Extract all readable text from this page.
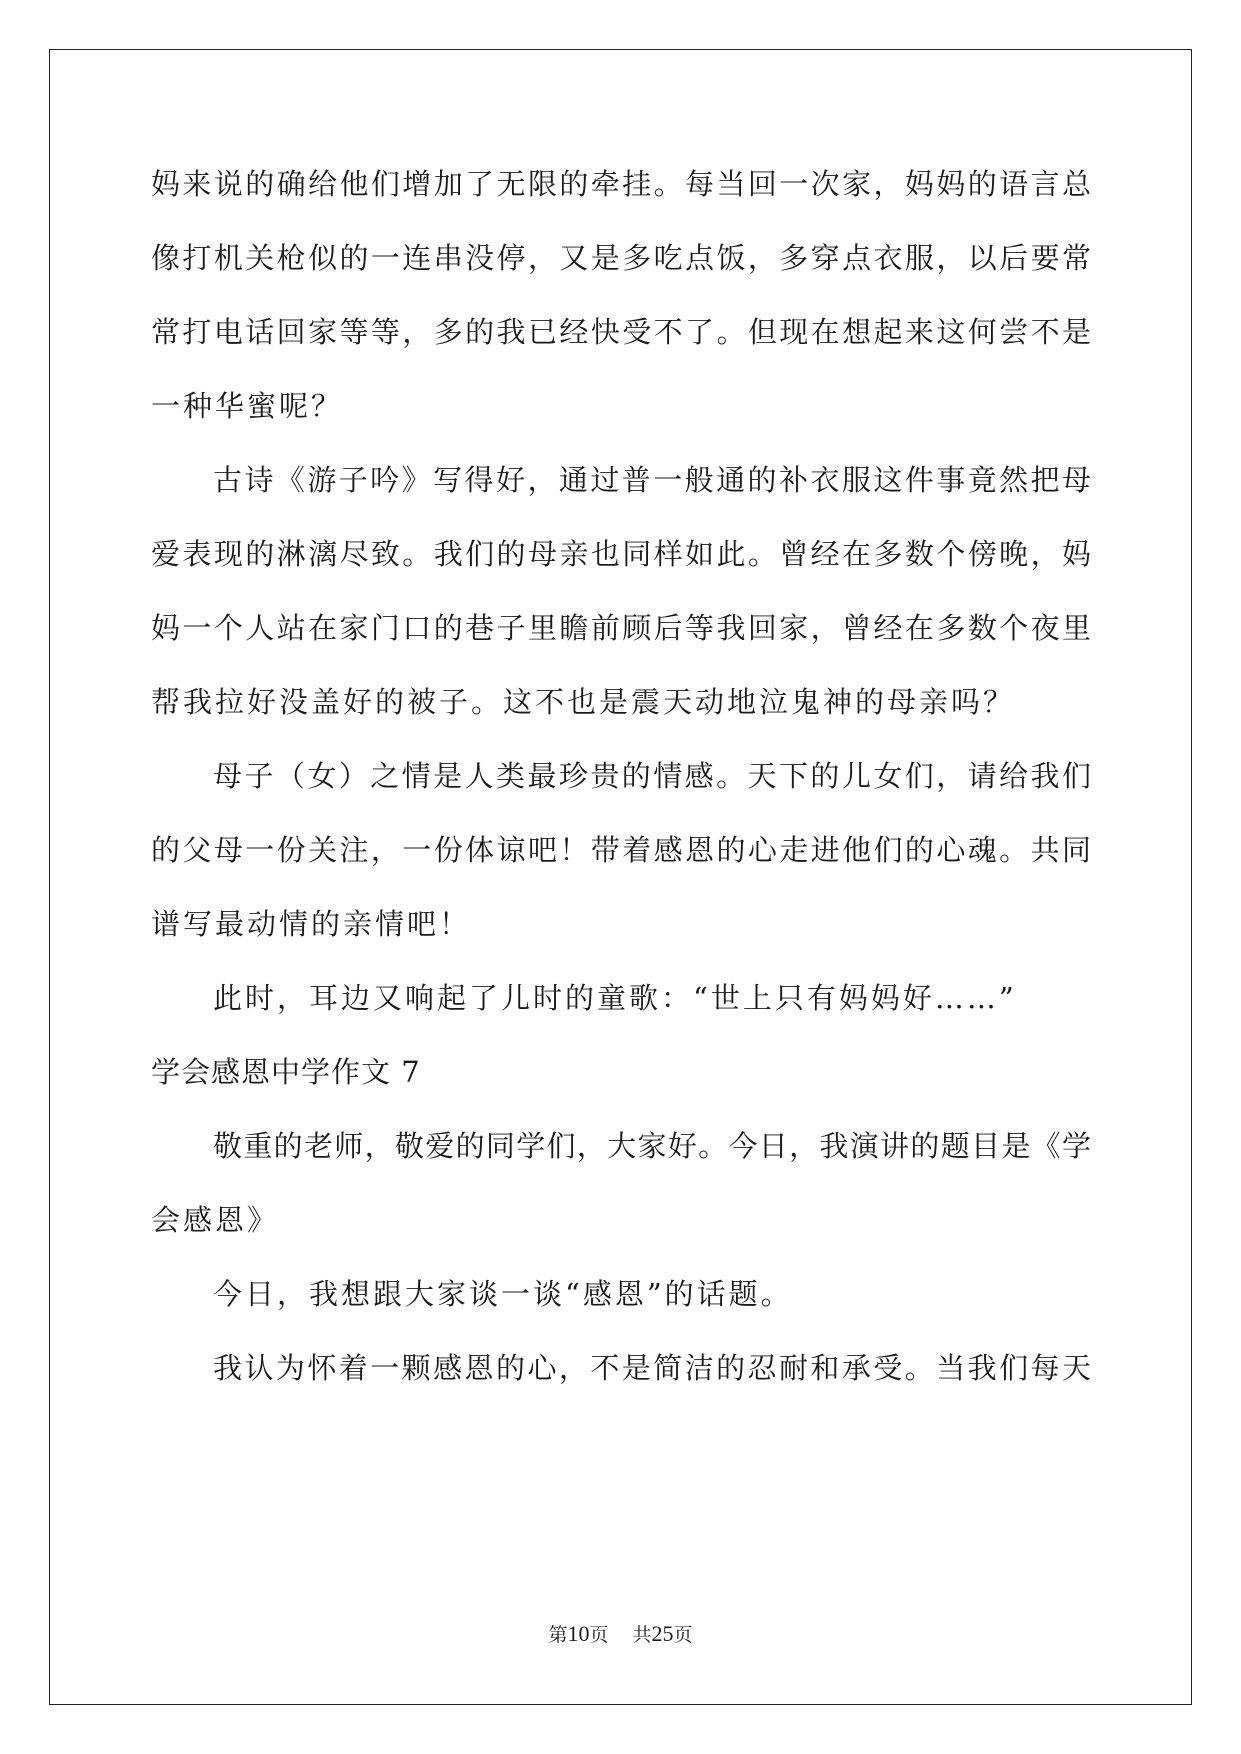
妈来说的确给他们增加了无限的牵挂。每当回一次家，妈妈的语言总
像打机关枪似的一连串没停，又是多吃点饭，多穿点衣服，以后要常
常打电话回家等等，多的我已经快受不了。但现在想起来这何尝不是
一种华蜜呢？
古诗《游子吟》写得好，通过普一般通的补衣服这件事竟然把母
爱表现的淋漓尽致。我们的母亲也同样如此。曾经在多数个傍晚，妈
妈一个人站在家门口的巷子里瞻前顾后等我回家，曾经在多数个夜里
帮我拉好没盖好的被子。这不也是震天动地泣鬼神的母亲吗？
母子（女）之情是人类最珍贵的情感。天下的儿女们，请给我们
的父母一份关注，一份体谅吧！带着感恩的心走进他们的心魂。共同
谱写最动情的亲情吧！
此时，耳边又响起了儿时的童歌：“世上只有妈妈好……”
学会感恩中学作文 7
敬重的老师，敬爱的同学们，大家好。今日，我演讲的题目是《学
会感恩》
今日，我想跟大家谈一谈“感恩”的话题。
我认为怀着一颗感恩的心，不是简洁的忍耐和承受。当我们每天
第10页 共25页
